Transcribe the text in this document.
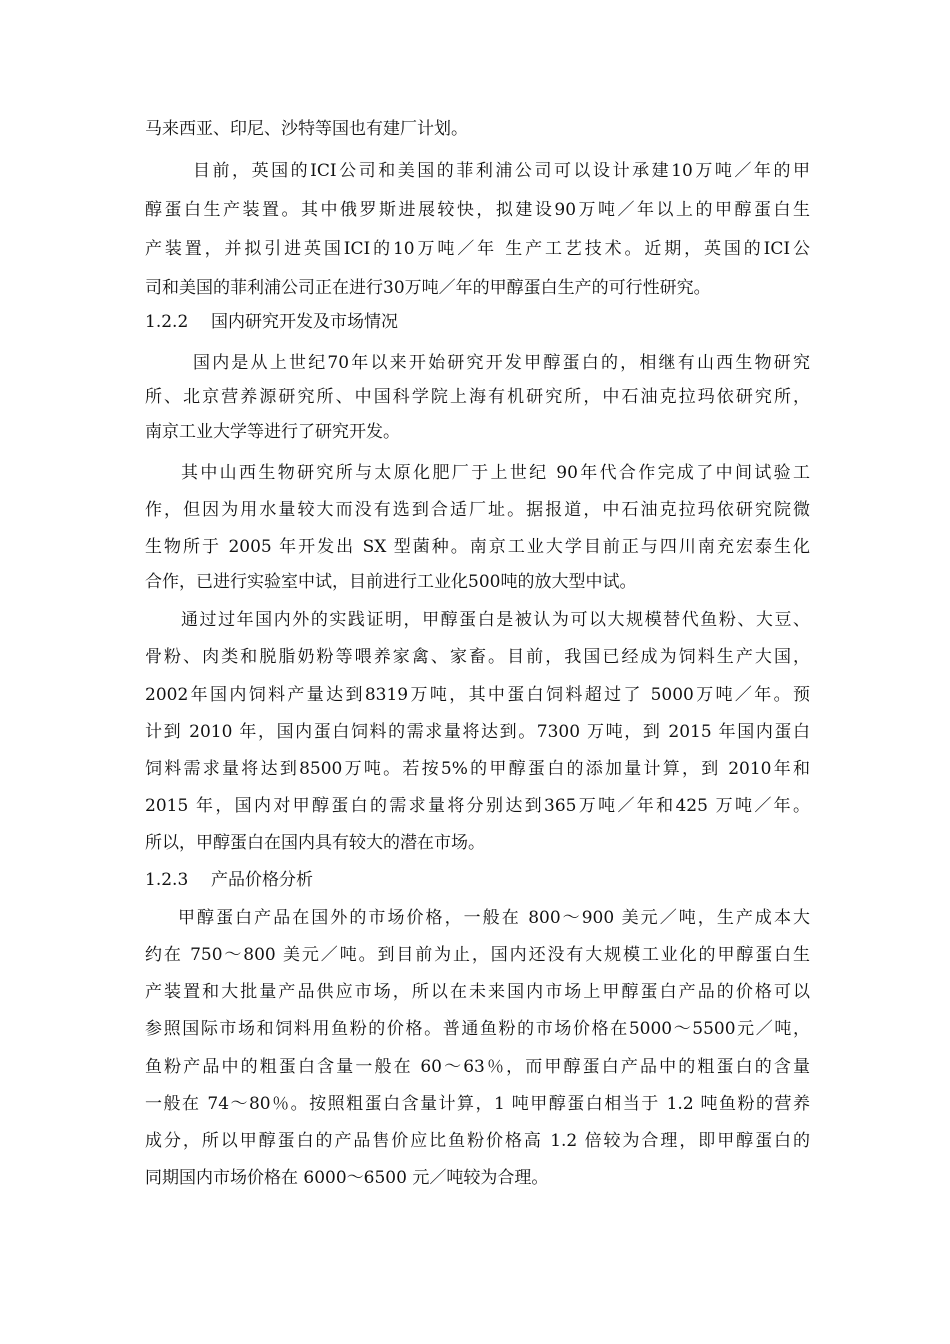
马来西亚、印尼、沙特等国也有建厂计划。
目前，英国的ICI公司和美国的菲利浦公司可以设计承建10万吨／年的甲
醇蛋白生产装置。其中俄罗斯进展较快，拟建设90万吨／年以上的甲醇蛋白生
产装置，并拟引进英国ICI的10万吨／年 生产工艺技术。近期，英国的ICI公
司和美国的菲利浦公司正在进行30万吨／年的甲醇蛋白生产的可行性研究。
1.2.2 国内研究开发及市场情况
国内是从上世纪70年以来开始研究开发甲醇蛋白的，相继有山西生物研究
所、北京营养源研究所、中国科学院上海有机研究所，中石油克拉玛依研究所，
南京工业大学等进行了研究开发。
其中山西生物研究所与太原化肥厂于上世纪 90年代合作完成了中间试验工
作，但因为用水量较大而没有选到合适厂址。据报道，中石油克拉玛依研究院微
生物所于 2005 年开发出 SX 型菌种。南京工业大学目前正与四川南充宏泰生化
合作，已进行实验室中试，目前进行工业化500吨的放大型中试。
通过过年国内外的实践证明，甲醇蛋白是被认为可以大规模替代鱼粉、大豆、
骨粉、肉类和脱脂奶粉等喂养家禽、家畜。目前，我国已经成为饲料生产大国，
2002年国内饲料产量达到8319万吨，其中蛋白饲料超过了 5000万吨／年。预
计到 2010 年，国内蛋白饲料的需求量将达到。7300 万吨，到 2015 年国内蛋白
饲料需求量将达到8500万吨。若按5%的甲醇蛋白的添加量计算，到 2010年和
2015 年，国内对甲醇蛋白的需求量将分别达到365万吨／年和425 万吨／年。
所以，甲醇蛋白在国内具有较大的潜在市场。
1.2.3 产品价格分析
甲醇蛋白产品在国外的市场价格，一般在 800～900 美元／吨，生产成本大
约在 750～800 美元／吨。到目前为止，国内还没有大规模工业化的甲醇蛋白生
产装置和大批量产品供应市场，所以在未来国内市场上甲醇蛋白产品的价格可以
参照国际市场和饲料用鱼粉的价格。普通鱼粉的市场价格在5000～5500元／吨，
鱼粉产品中的粗蛋白含量一般在 60～63％，而甲醇蛋白产品中的粗蛋白的含量
一般在 74～80％。按照粗蛋白含量计算，1 吨甲醇蛋白相当于 1.2 吨鱼粉的营养
成分，所以甲醇蛋白的产品售价应比鱼粉价格高 1.2 倍较为合理，即甲醇蛋白的
同期国内市场价格在 6000～6500 元／吨较为合理。
